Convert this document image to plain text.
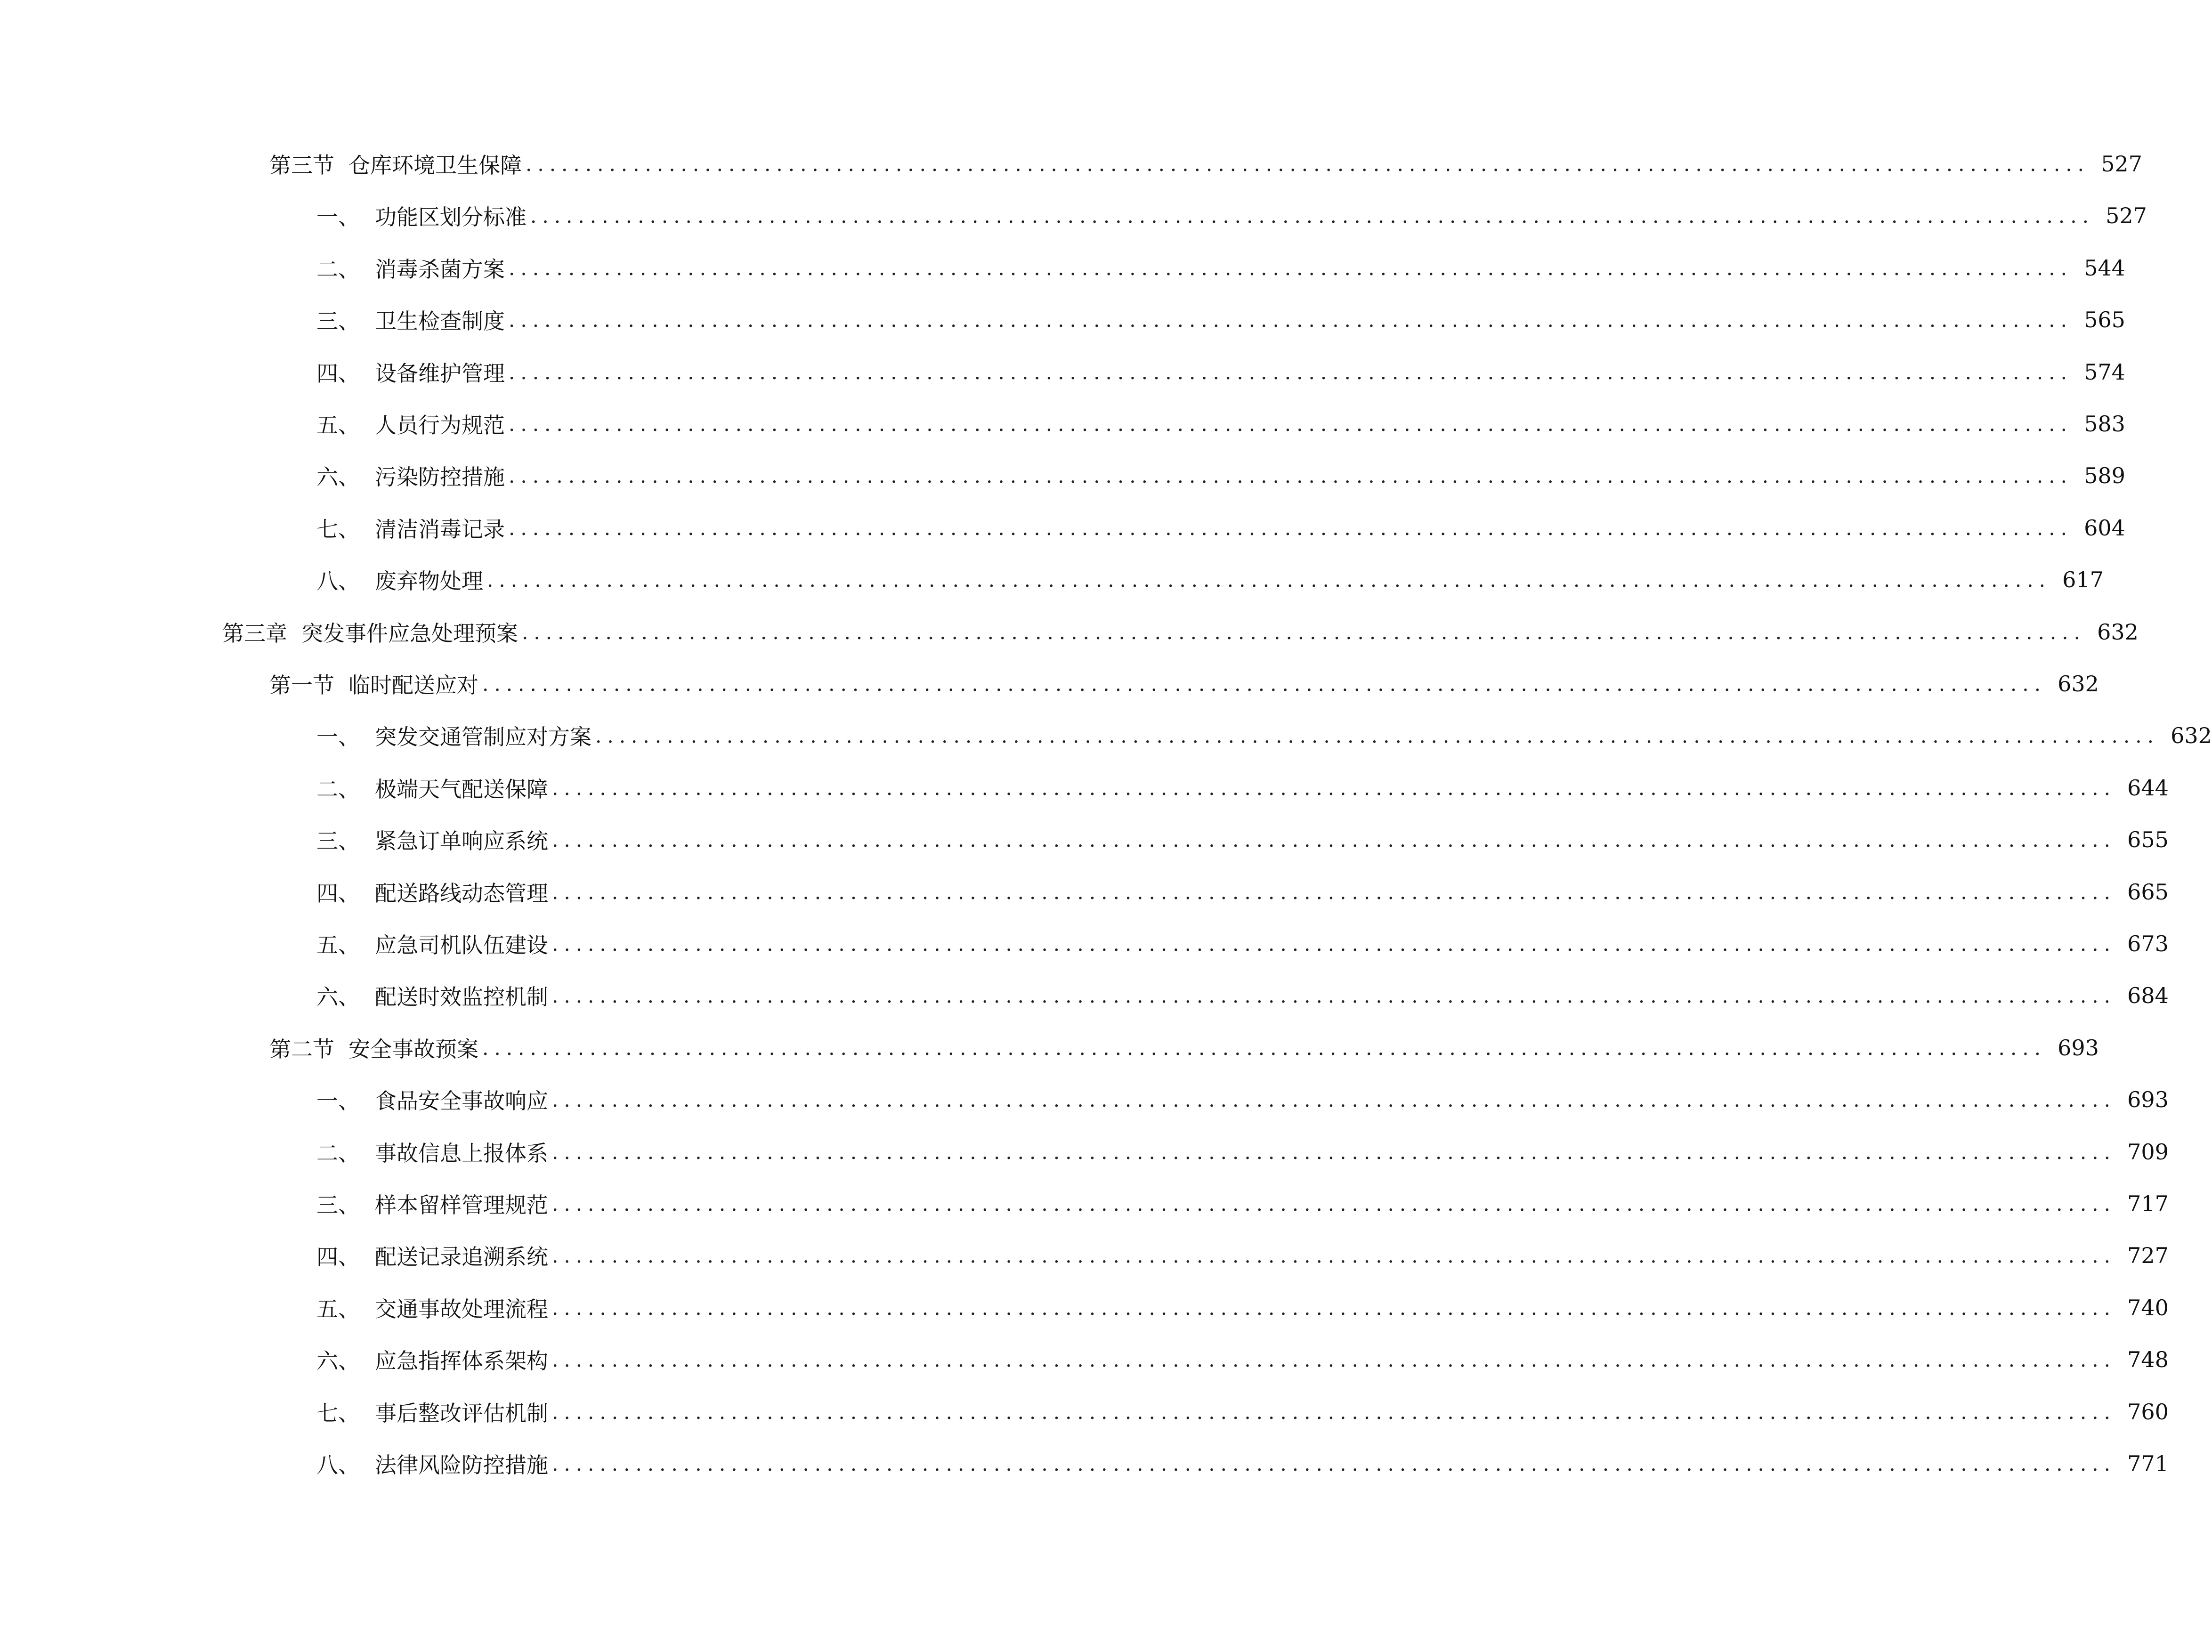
第三节 仓库环境卫生保障 ................................................................................................................................... 527
一、 功能区划分标准 ................................................................................................................................... 527
二、 消毒杀菌方案 ................................................................................................................................... 544
三、 卫生检查制度 ................................................................................................................................... 565
四、 设备维护管理 ................................................................................................................................... 574
五、 人员行为规范 ................................................................................................................................... 583
六、 污染防控措施 ................................................................................................................................... 589
七、 清洁消毒记录 ................................................................................................................................... 604
八、 废弃物处理 ................................................................................................................................... 617
第三章 突发事件应急处理预案 ................................................................................................................................... 632
第一节 临时配送应对 ................................................................................................................................... 632
一、 突发交通管制应对方案 ................................................................................................................................... 632
二、 极端天气配送保障 ................................................................................................................................... 644
三、 紧急订单响应系统 ................................................................................................................................... 655
四、 配送路线动态管理 ................................................................................................................................... 665
五、 应急司机队伍建设 ................................................................................................................................... 673
六、 配送时效监控机制 ................................................................................................................................... 684
第二节 安全事故预案 ................................................................................................................................... 693
一、 食品安全事故响应 ................................................................................................................................... 693
二、 事故信息上报体系 ................................................................................................................................... 709
三、 样本留样管理规范 ................................................................................................................................... 717
四、 配送记录追溯系统 ................................................................................................................................... 727
五、 交通事故处理流程 ................................................................................................................................... 740
六、 应急指挥体系架构 ................................................................................................................................... 748
七、 事后整改评估机制 ................................................................................................................................... 760
八、 法律风险防控措施 ................................................................................................................................... 771
